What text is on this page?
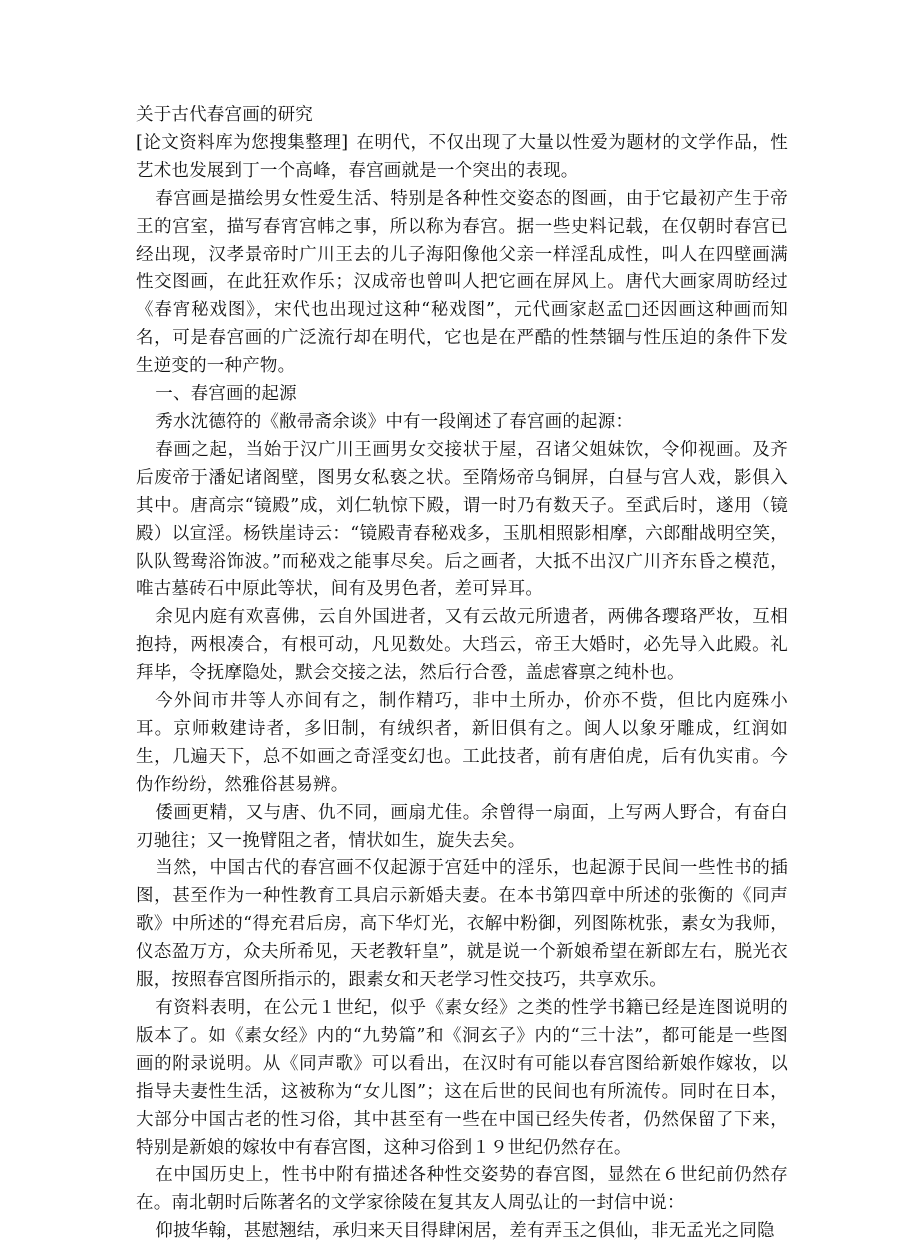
关于古代春宫画的研究

[论文资料库为您搜集整理] 在明代，不仅出现了大量以性爱为题材的文学作品，性艺术也发展到丁一个高峰，春宫画就是一个突出的表现。

春宫画是描绘男女性爱生活、特别是各种性交姿态的图画，由于它最初产生于帝王的宫室，描写春宵宫帏之事，所以称为春宫。据一些史料记载，在仅朝时春宫已经出现，汉孝景帝时广川王去的儿子海阳像他父亲一样淫乱成性，叫人在四壁画满性交图画，在此狂欢作乐；汉成帝也曾叫人把它画在屏风上。唐代大画家周昉经过《春宵秘戏图》，宋代也出现过这种“秘戏图”，元代画家赵孟□还因画这种画而知名，可是春宫画的广泛流行却在明代，它也是在严酷的性禁锢与性压迫的条件下发生逆变的一种产物。

一、春宫画的起源

秀水沈德符的《敝帚斋余谈》中有一段阐述了春宫画的起源：

春画之起，当始于汉广川王画男女交接状于屋，召诸父姐妹饮，令仰视画。及齐后废帝于潘妃诸阁壁，图男女私亵之状。至隋炀帝乌铜屏，白昼与宫人戏，影俱入其中。唐高宗“镜殿”成，刘仁轨惊下殿，谓一时乃有数天子。至武后时，遂用（镜殿）以宣淫。杨铁崖诗云：“镜殿青春秘戏多，玉肌相照影相摩，六郎酣战明空笑，队队鸳鸯浴饰波。”而秘戏之能事尽矣。后之画者，大抵不出汉广川齐东昏之模范，唯古墓砖石中原此等状，间有及男色者，差可异耳。

余见内庭有欢喜佛，云自外国进者，又有云故元所遗者，两佛各璎珞严妆，互相抱持，两根凑合，有根可动，凡见数处。大珰云，帝王大婚时，必先导入此殿。礼拜毕，令抚摩隐处，默会交接之法，然后行合卺，盖虑睿禀之纯朴也。

今外间市井等人亦间有之，制作精巧，非中土所办，价亦不赀，但比内庭殊小耳。京师敕建诗者，多旧制，有绒织者，新旧俱有之。闽人以象牙雕成，红润如生，几遍天下，总不如画之奇淫变幻也。工此技者，前有唐伯虎，后有仇实甫。今伪作纷纷，然雅俗甚易辨。

倭画更精，又与唐、仇不同，画扇尤佳。余曾得一扇面，上写两人野合，有奋白刃驰往；又一挽臂阻之者，情状如生，旋失去矣。

当然，中国古代的春宫画不仅起源于宫廷中的淫乐，也起源于民间一些性书的插图，甚至作为一种性教育工具启示新婚夫妻。在本书第四章中所述的张衡的《同声歌》中所述的“得充君后房，高下华灯光，衣解中粉御，列图陈枕张，素女为我师，仪态盈万方，众夫所希见，天老教轩皇”，就是说一个新娘希望在新郎左右，脱光衣服，按照春宫图所指示的，跟素女和天老学习性交技巧，共享欢乐。

有资料表明，在公元１世纪，似乎《素女经》之类的性学书籍已经是连图说明的版本了。如《素女经》内的“九势篇”和《洞玄子》内的“三十法”，都可能是一些图画的附录说明。从《同声歌》可以看出，在汉时有可能以春宫图给新娘作嫁妆，以指导夫妻性生活，这被称为“女儿图”；这在后世的民间也有所流传。同时在日本，大部分中国古老的性习俗，其中甚至有一些在中国已经失传者，仍然保留了下来，特别是新娘的嫁妆中有春宫图，这种习俗到１９世纪仍然存在。

在中国历史上，性书中附有描述各种性交姿势的春宫图，显然在６世纪前仍然存在。南北朝时后陈著名的文学家徐陵在复其友人周弘让的一封信中说：

仰披华翰，甚慰翘结，承归来天目得肆闲居，差有弄玉之俱仙，非无孟光之同隐
